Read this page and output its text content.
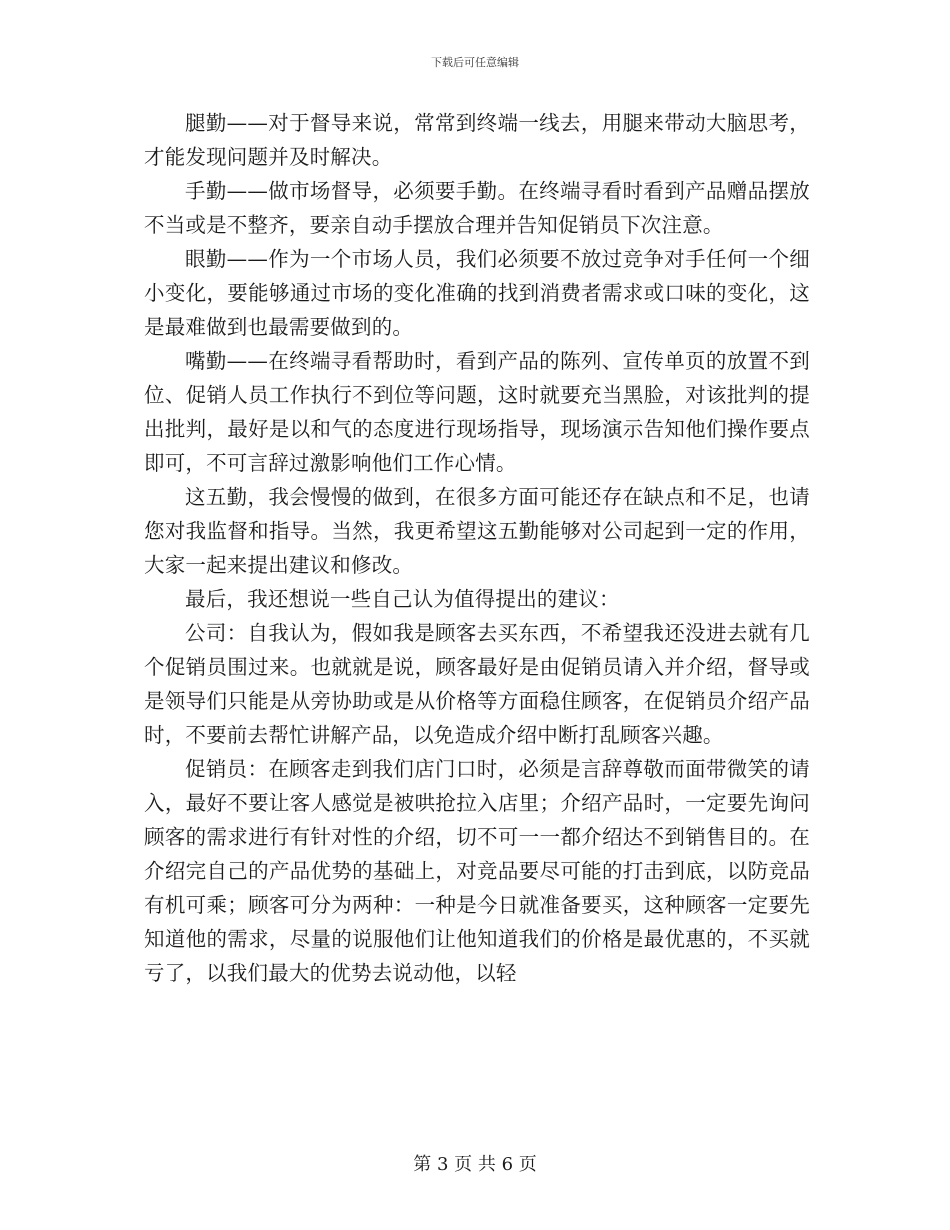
下载后可任意编辑

腿勤——对于督导来说，常常到终端一线去，用腿来带动大脑思考，才能发现问题并及时解决。

手勤——做市场督导，必须要手勤。在终端寻看时看到产品赠品摆放不当或是不整齐，要亲自动手摆放合理并告知促销员下次注意。

眼勤——作为一个市场人员，我们必须要不放过竞争对手任何一个细小变化，要能够通过市场的变化准确的找到消费者需求或口味的变化，这是最难做到也最需要做到的。

嘴勤——在终端寻看帮助时，看到产品的陈列、宣传单页的放置不到位、促销人员工作执行不到位等问题，这时就要充当黑脸，对该批判的提出批判，最好是以和气的态度进行现场指导，现场演示告知他们操作要点即可，不可言辞过激影响他们工作心情。

这五勤，我会慢慢的做到，在很多方面可能还存在缺点和不足，也请您对我监督和指导。当然，我更希望这五勤能够对公司起到一定的作用，大家一起来提出建议和修改。

最后，我还想说一些自己认为值得提出的建议：

公司：自我认为，假如我是顾客去买东西，不希望我还没进去就有几个促销员围过来。也就就是说，顾客最好是由促销员请入并介绍，督导或是领导们只能是从旁协助或是从价格等方面稳住顾客，在促销员介绍产品时，不要前去帮忙讲解产品，以免造成介绍中断打乱顾客兴趣。

促销员：在顾客走到我们店门口时，必须是言辞尊敬而面带微笑的请入，最好不要让客人感觉是被哄抢拉入店里；介绍产品时，一定要先询问顾客的需求进行有针对性的介绍，切不可一一都介绍达不到销售目的。在介绍完自己的产品优势的基础上，对竞品要尽可能的打击到底，以防竞品有机可乘；顾客可分为两种：一种是今日就准备要买，这种顾客一定要先知道他的需求，尽量的说服他们让他知道我们的价格是最优惠的，不买就亏了，以我们最大的优势去说动他，以轻

第 3 页 共 6 页
